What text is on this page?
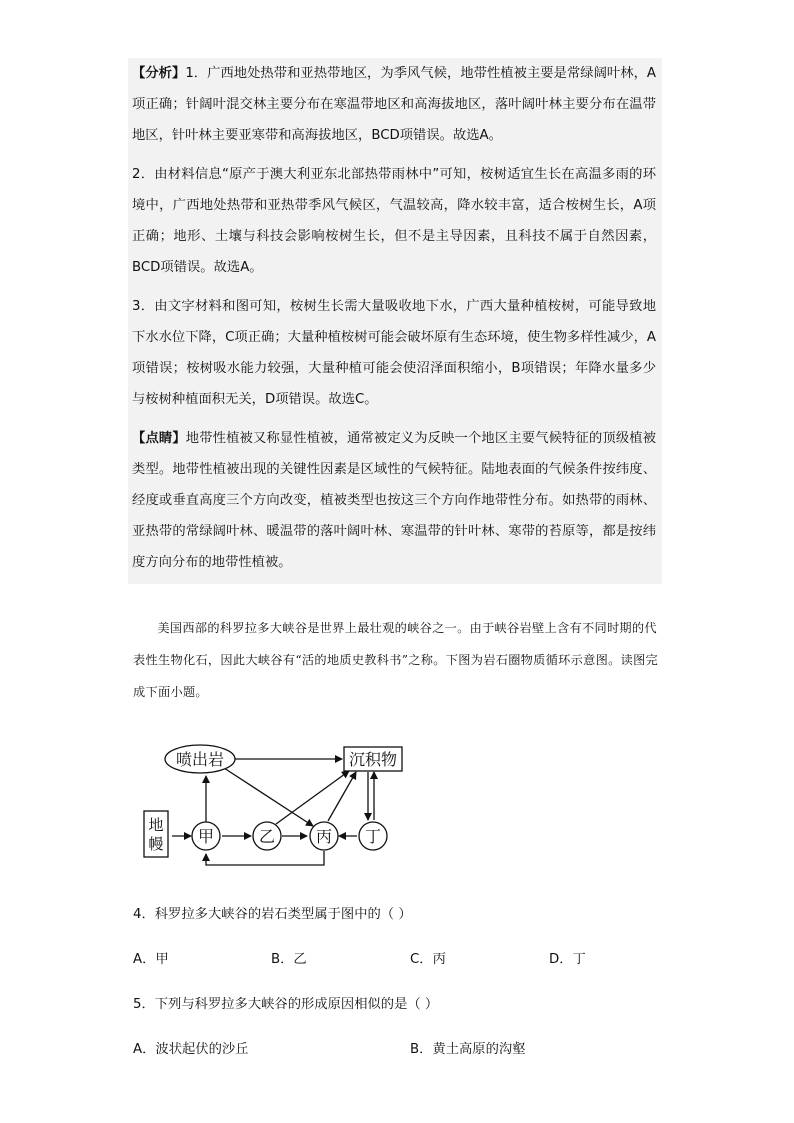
【分析】1．广西地处热带和亚热带地区，为季风气候，地带性植被主要是常绿阔叶林，A项正确；针阔叶混交林主要分布在寒温带地区和高海拔地区，落叶阔叶林主要分布在温带地区，针叶林主要亚寒带和高海拔地区，BCD项错误。故选A。

2．由材料信息“原产于澳大利亚东北部热带雨林中”可知，桉树适宜生长在高温多雨的环境中，广西地处热带和亚热带季风气候区，气温较高，降水较丰富，适合桉树生长，A项正确；地形、土壤与科技会影响桉树生长，但不是主导因素，且科技不属于自然因素，BCD项错误。故选A。

3．由文字材料和图可知，桉树生长需大量吸收地下水，广西大量种植桉树，可能导致地下水水位下降，C项正确；大量种植桉树可能会破坏原有生态环境，使生物多样性减少，A项错误；桉树吸水能力较强，大量种植可能会使沼泽面积缩小，B项错误；年降水量多少与桉树种植面积无关，D项错误。故选C。

【点睛】地带性植被又称显性植被，通常被定义为反映一个地区主要气候特征的顶级植被类型。地带性植被出现的关键性因素是区域性的气候特征。陆地表面的气候条件按纬度、经度或垂直高度三个方向改变，植被类型也按这三个方向作地带性分布。如热带的雨林、亚热带的常绿阔叶林、暖温带的落叶阔叶林、寒温带的针叶林、寒带的苔原等，都是按纬度方向分布的地带性植被。

美国西部的科罗拉多大峡谷是世界上最壮观的峡谷之一。由于峡谷岩壁上含有不同时期的代表性生物化石，因此大峡谷有“活的地质史教科书”之称。下图为岩石圈物质循环示意图。读图完成下面小题。

喷出岩	沉积物
地幔 甲	乙	丙 丁
4．科罗拉多大峡谷的岩石类型属于图中的（ ）
A．甲	B．乙	C．丙	D．丁
5．下列与科罗拉多大峡谷的形成原因相似的是（ ）
A．波状起伏的沙丘	B．黄土高原的沟壑
